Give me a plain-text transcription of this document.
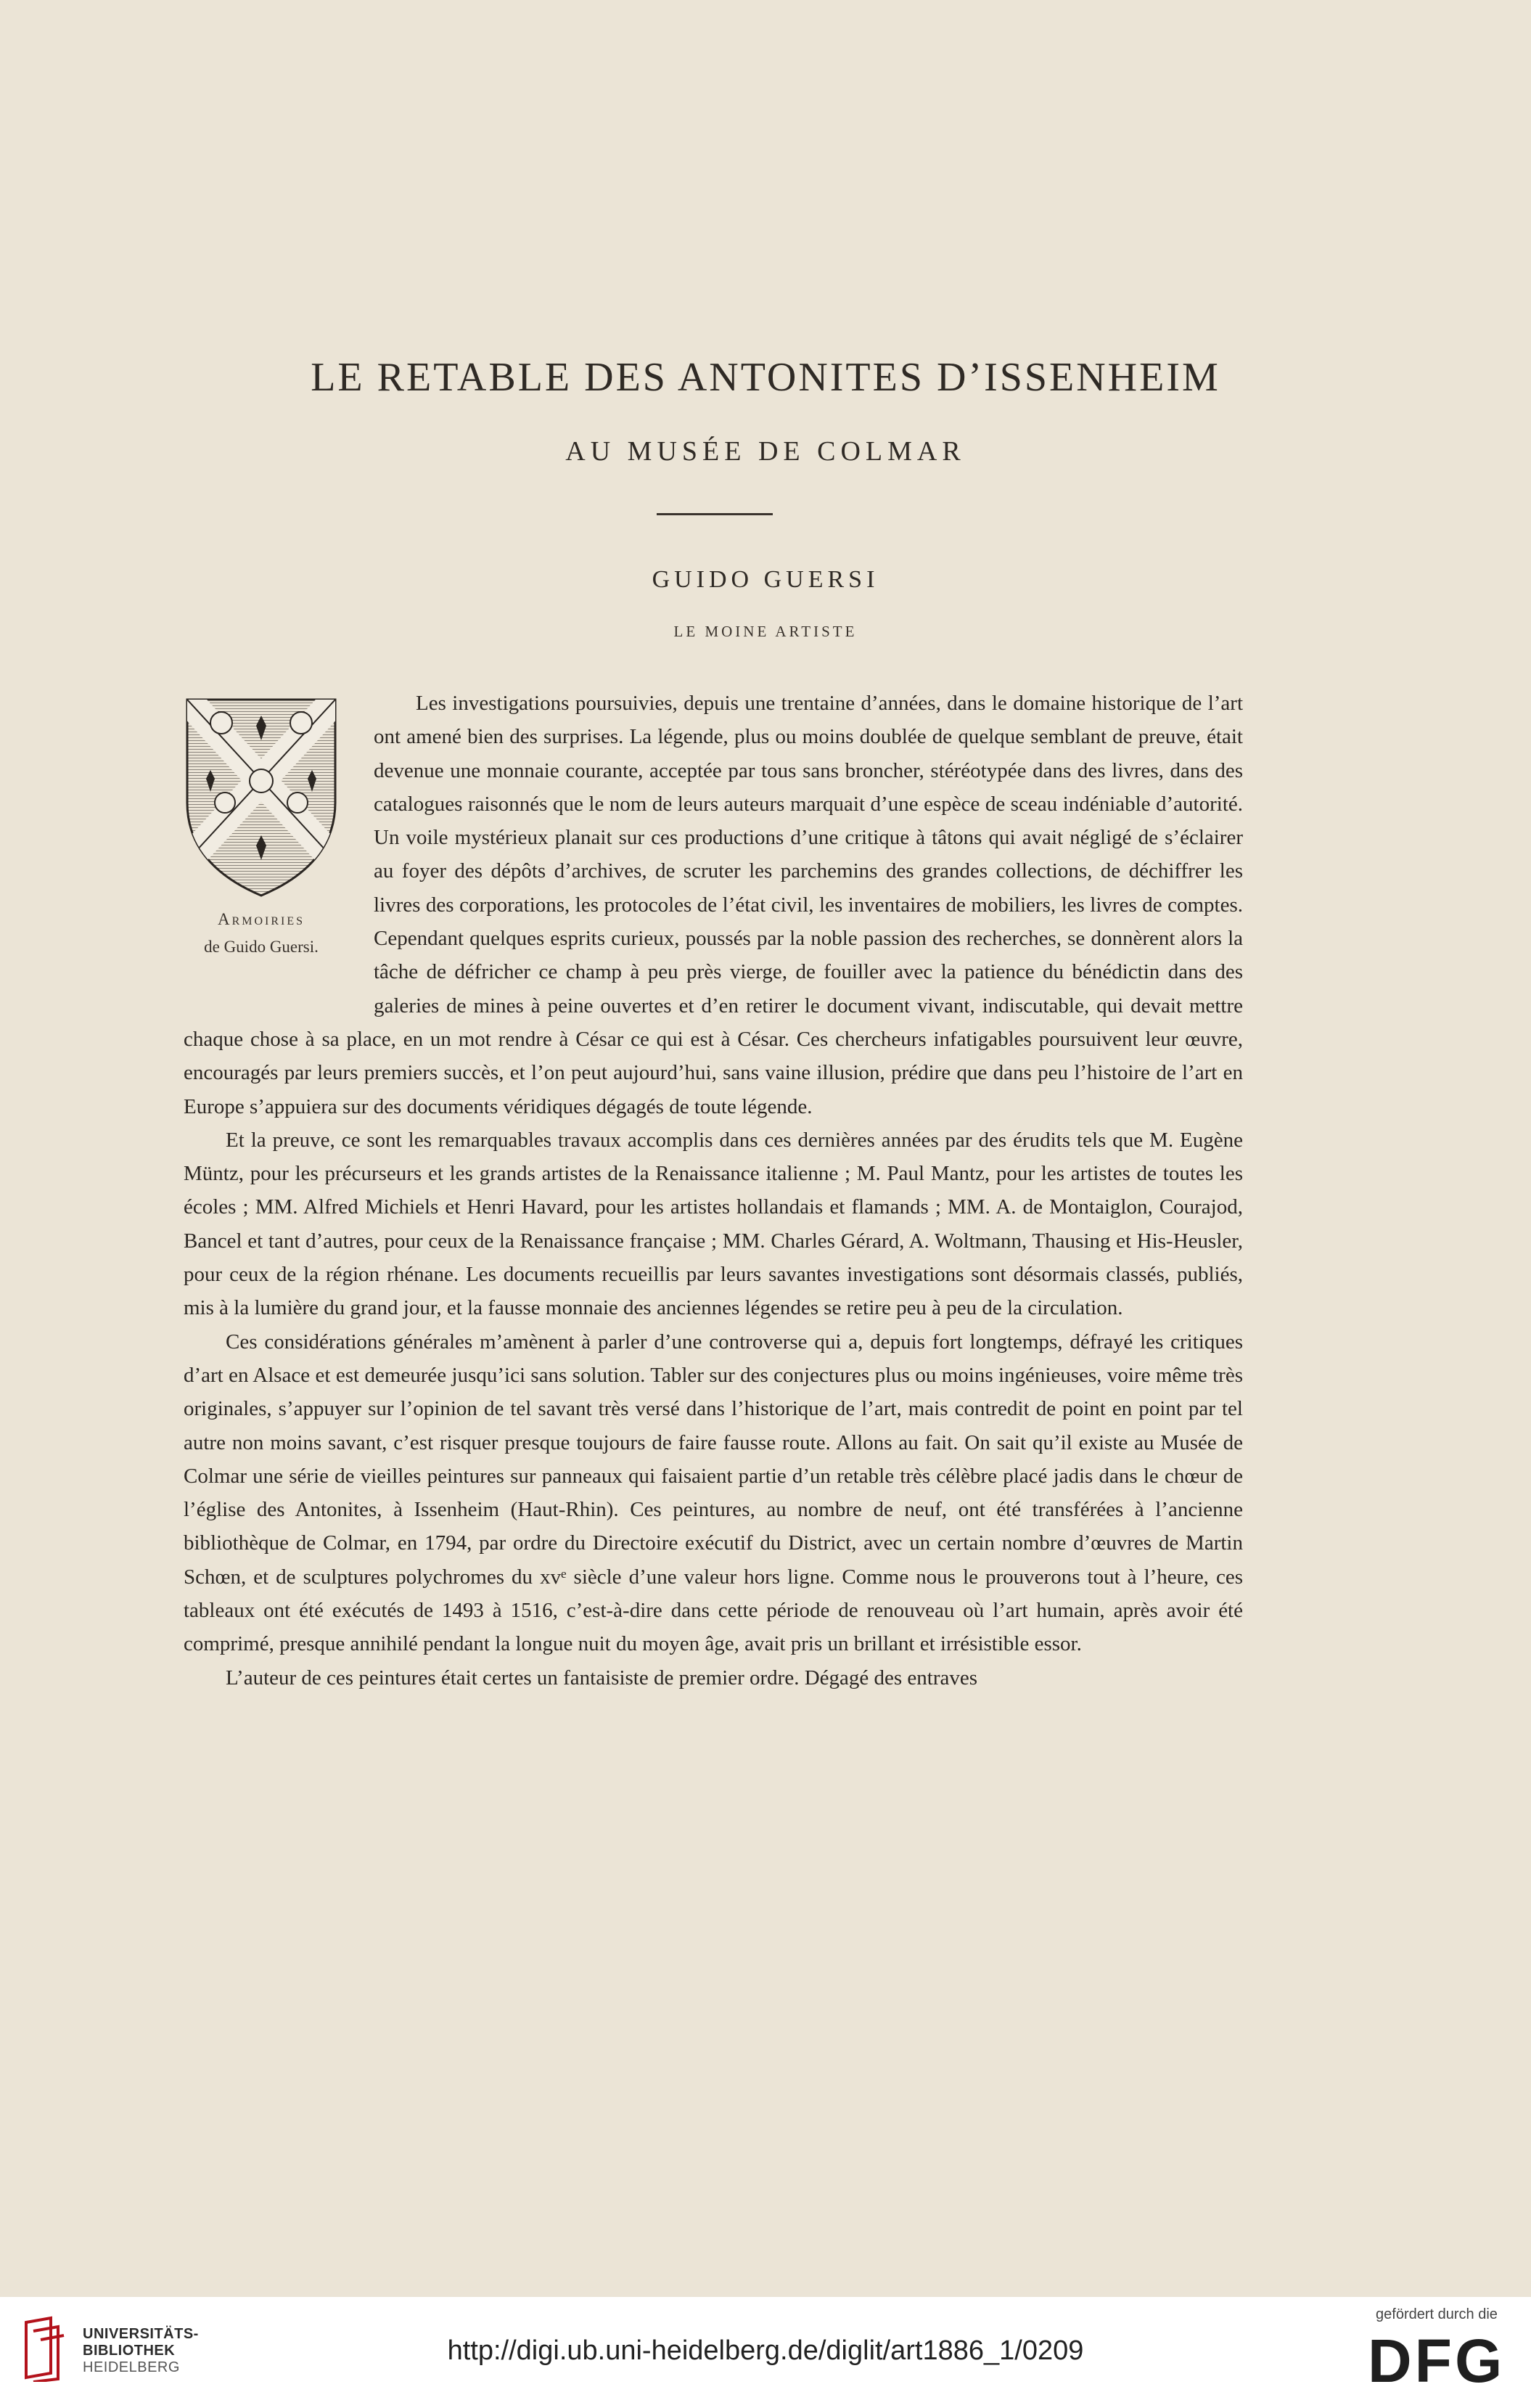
LE RETABLE DES ANTONITES D’ISSENHEIM
AU MUSÉE DE COLMAR
GUIDO GUERSI
LE MOINE ARTISTE
Armoiries
de Guido Guersi.

Les investigations poursuivies, depuis une trentaine d’années, dans le domaine historique de l’art ont amené bien des surprises. La légende, plus ou moins doublée de quelque semblant de preuve, était devenue une monnaie courante, acceptée par tous sans broncher, stéréotypée dans des livres, dans des catalogues raisonnés que le nom de leurs auteurs marquait d’une espèce de sceau indéniable d’autorité. Un voile mystérieux planait sur ces productions d’une critique à tâtons qui avait négligé de s’éclairer au foyer des dépôts d’archives, de scruter les parchemins des grandes collections, de déchiffrer les livres des corporations, les protocoles de l’état civil, les inventaires de mobiliers, les livres de comptes. Cependant quelques esprits curieux, poussés par la noble passion des recherches, se donnèrent alors la tâche de défricher ce champ à peu près vierge, de fouiller avec la patience du bénédictin dans des galeries de mines à peine ouvertes et d’en retirer le document vivant, indiscutable, qui devait mettre chaque chose à sa place, en un mot rendre à César ce qui est à César. Ces chercheurs infatigables poursuivent leur œuvre, encouragés par leurs premiers succès, et l’on peut aujourd’hui, sans vaine illusion, prédire que dans peu l’histoire de l’art en Europe s’appuiera sur des documents véridiques dégagés de toute légende.

Et la preuve, ce sont les remarquables travaux accomplis dans ces dernières années par des érudits tels que M. Eugène Müntz, pour les précurseurs et les grands artistes de la Renaissance italienne ; M. Paul Mantz, pour les artistes de toutes les écoles ; MM. Alfred Michiels et Henri Havard, pour les artistes hollandais et flamands ; MM. A. de Montaiglon, Courajod, Bancel et tant d’autres, pour ceux de la Renaissance française ; MM. Charles Gérard, A. Woltmann, Thausing et His-Heusler, pour ceux de la région rhénane. Les documents recueillis par leurs savantes investigations sont désormais classés, publiés, mis à la lumière du grand jour, et la fausse monnaie des anciennes légendes se retire peu à peu de la circulation.

Ces considérations générales m’amènent à parler d’une controverse qui a, depuis fort longtemps, défrayé les critiques d’art en Alsace et est demeurée jusqu’ici sans solution. Tabler sur des conjectures plus ou moins ingénieuses, voire même très originales, s’appuyer sur l’opinion de tel savant très versé dans l’historique de l’art, mais contredit de point en point par tel autre non moins savant, c’est risquer presque toujours de faire fausse route. Allons au fait. On sait qu’il existe au Musée de Colmar une série de vieilles peintures sur panneaux qui faisaient partie d’un retable très célèbre placé jadis dans le chœur de l’église des Antonites, à Issenheim (Haut-Rhin). Ces peintures, au nombre de neuf, ont été transférées à l’ancienne bibliothèque de Colmar, en 1794, par ordre du Directoire exécutif du District, avec un certain nombre d’œuvres de Martin Schœn, et de sculptures polychromes du xvᵉ siècle d’une valeur hors ligne. Comme nous le prouverons tout à l’heure, ces tableaux ont été exécutés de 1493 à 1516, c’est-à-dire dans cette période de renouveau où l’art humain, après avoir été comprimé, presque annihilé pendant la longue nuit du moyen âge, avait pris un brillant et irrésistible essor.

L’auteur de ces peintures était certes un fantaisiste de premier ordre. Dégagé des entraves

UNIVERSITÄTS-
BIBLIOTHEK
HEIDELBERG
http://digi.ub.uni-heidelberg.de/diglit/art1886_1/0209
gefördert durch die
DFG
